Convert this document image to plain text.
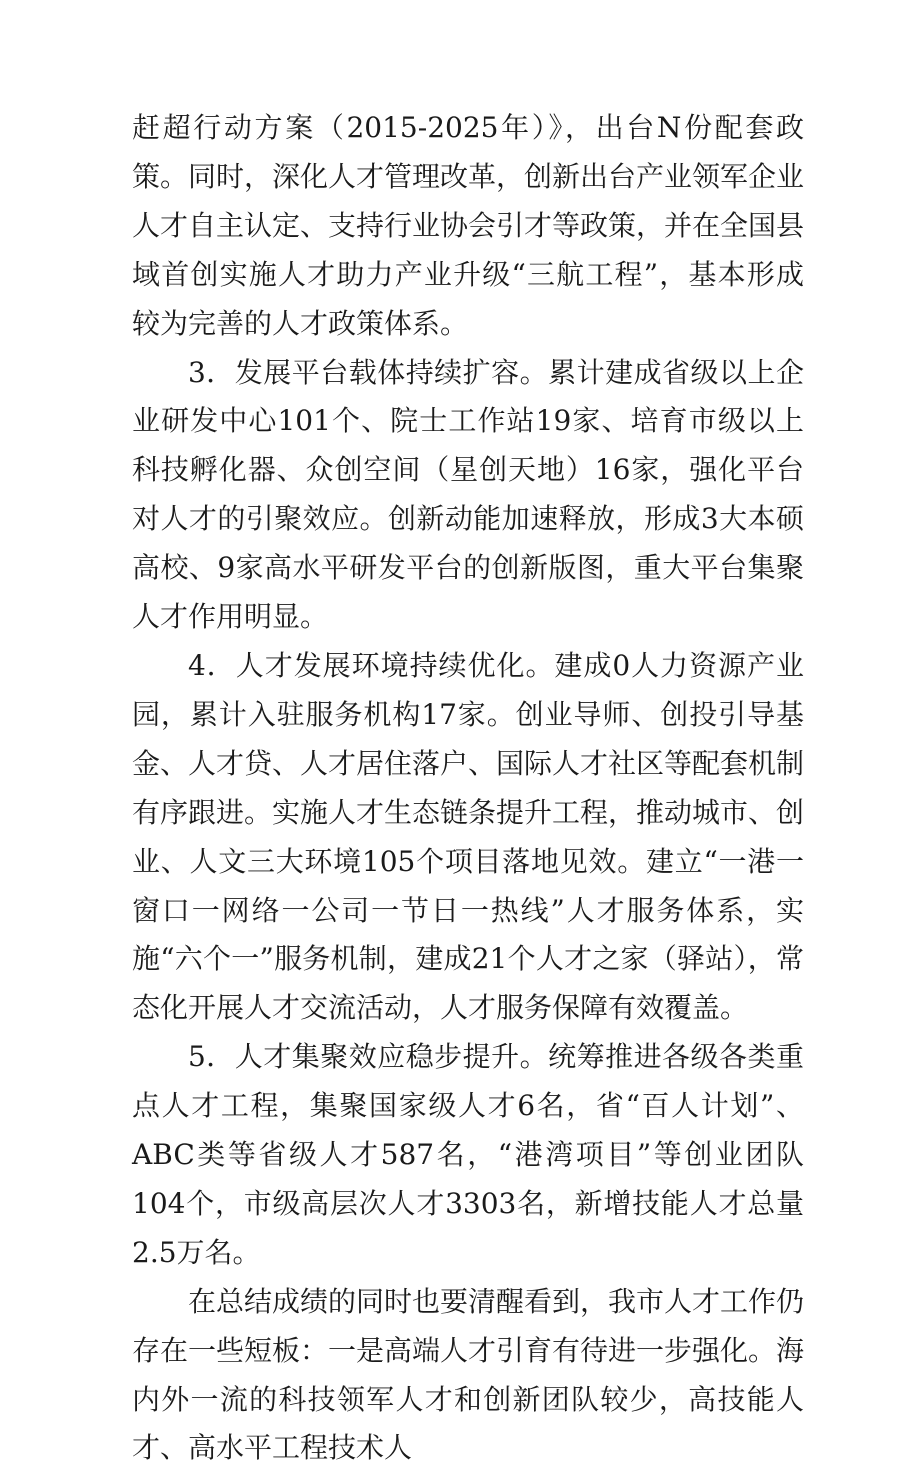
赶超行动方案（2015-2025年）》，出台N份配套政策。同时，深化人才管理改革，创新出台产业领军企业人才自主认定、支持行业协会引才等政策，并在全国县域首创实施人才助力产业升级“三航工程”，基本形成较为完善的人才政策体系。

3．发展平台载体持续扩容。累计建成省级以上企业研发中心101个、院士工作站19家、培育市级以上科技孵化器、众创空间（星创天地）16家，强化平台对人才的引聚效应。创新动能加速释放，形成3大本硕高校、9家高水平研发平台的创新版图，重大平台集聚人才作用明显。

4．人才发展环境持续优化。建成0人力资源产业园，累计入驻服务机构17家。创业导师、创投引导基金、人才贷、人才居住落户、国际人才社区等配套机制有序跟进。实施人才生态链条提升工程，推动城市、创业、人文三大环境105个项目落地见效。建立“一港一窗口一网络一公司一节日一热线”人才服务体系，实施“六个一”服务机制，建成21个人才之家（驿站），常态化开展人才交流活动，人才服务保障有效覆盖。

5．人才集聚效应稳步提升。统筹推进各级各类重点人才工程，集聚国家级人才6名，省“百人计划”、ABC类等省级人才587名，“港湾项目”等创业团队104个，市级高层次人才3303名，新增技能人才总量2.5万名。

在总结成绩的同时也要清醒看到，我市人才工作仍存在一些短板：一是高端人才引育有待进一步强化。海内外一流的科技领军人才和创新团队较少，高技能人才、高水平工程技术人
